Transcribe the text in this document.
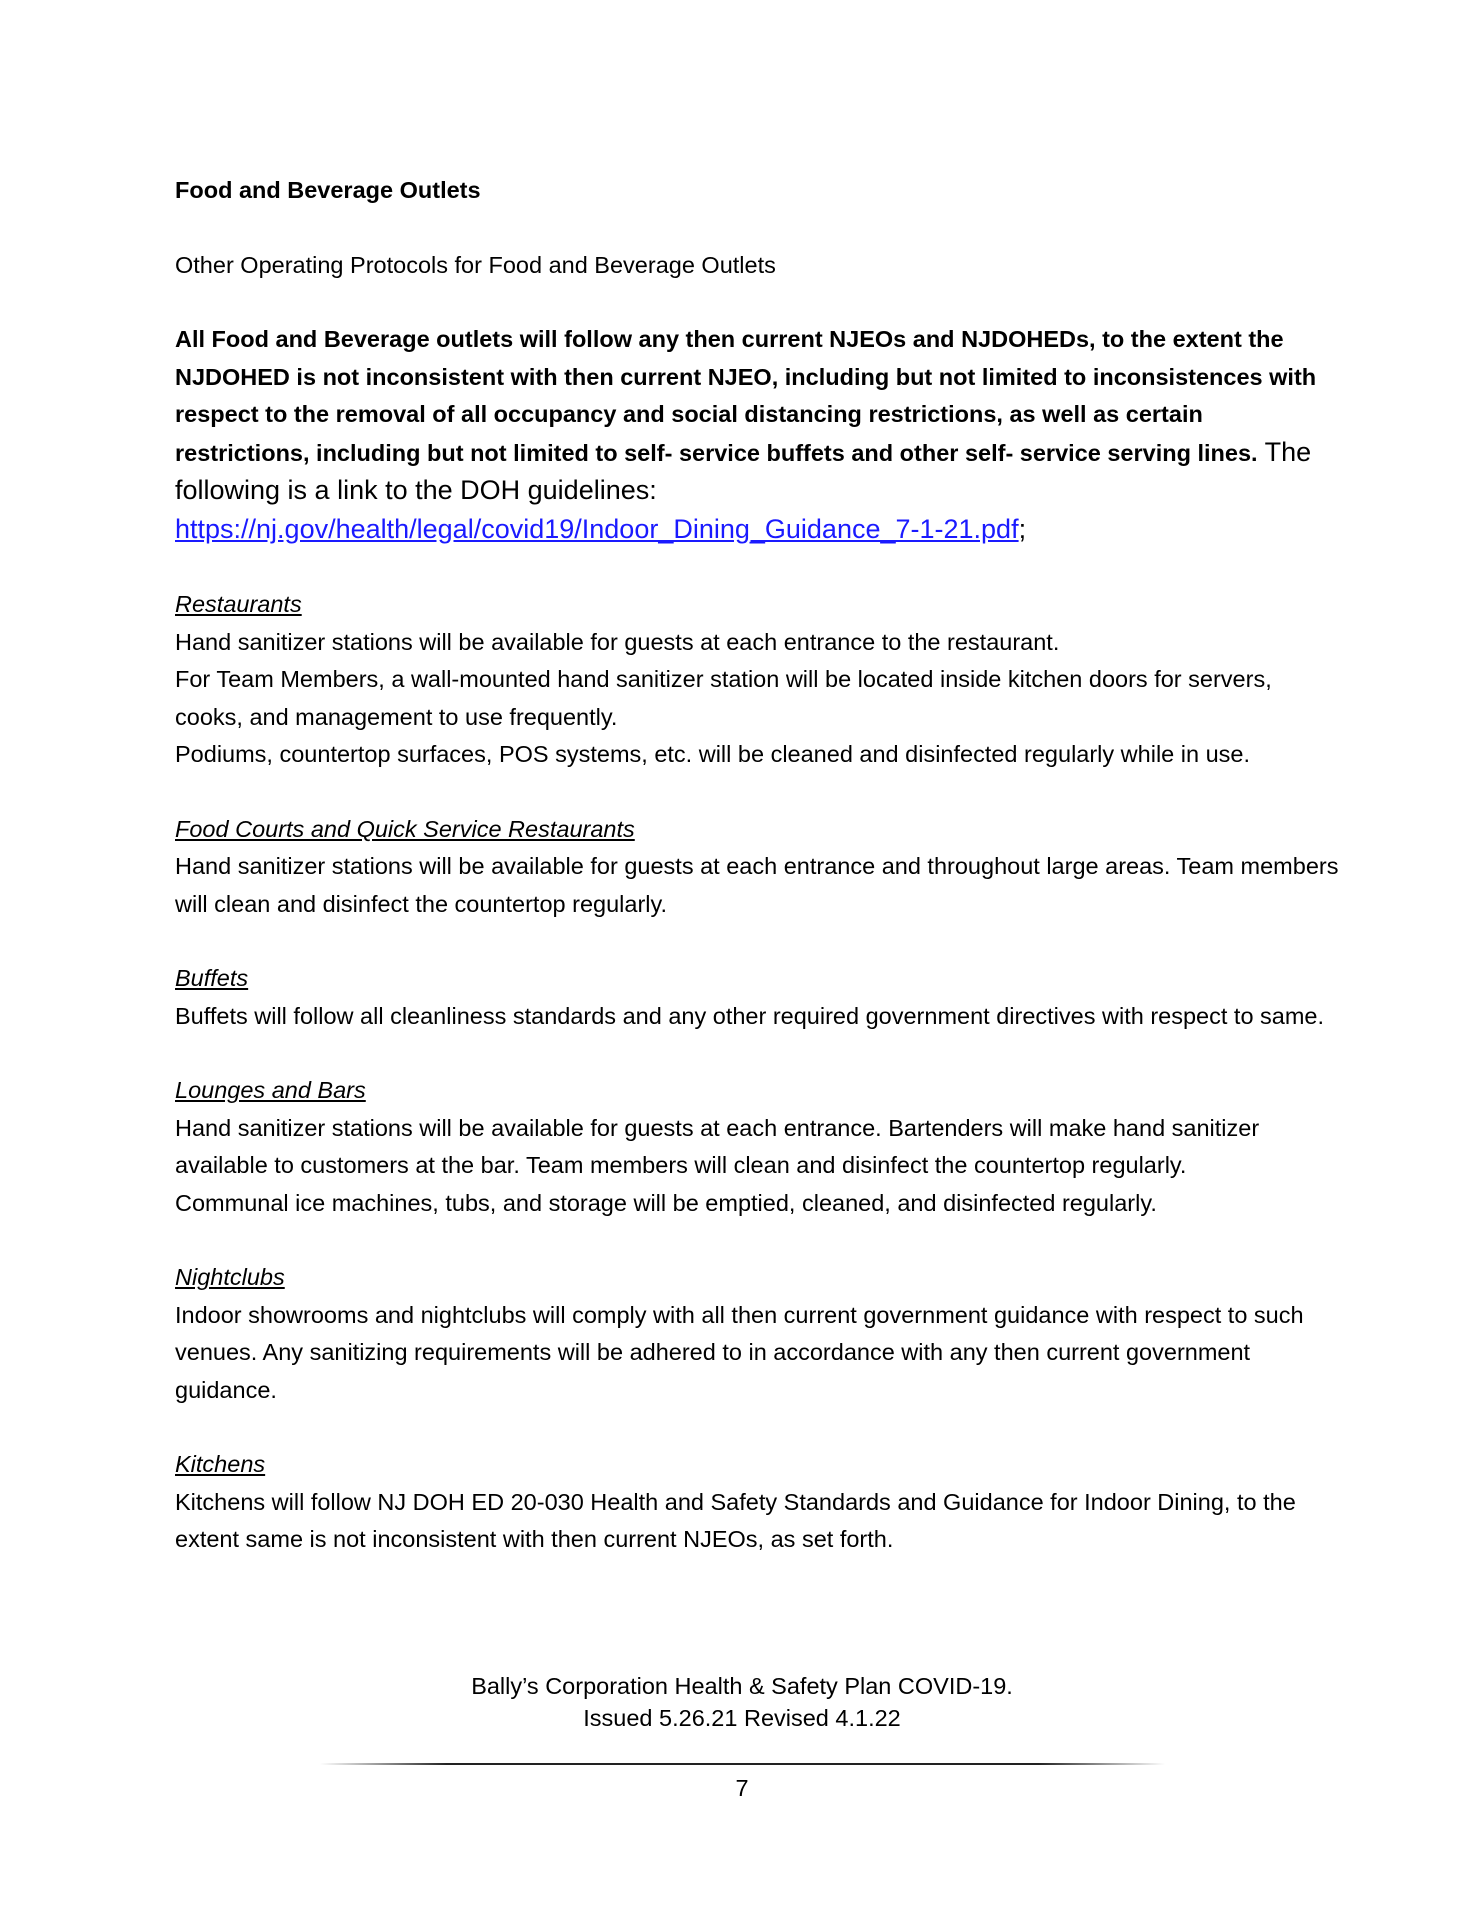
Food and Beverage Outlets

Other Operating Protocols for Food and Beverage Outlets

All Food and Beverage outlets will follow any then current NJEOs and NJDOHEDs, to the extent the NJDOHED is not inconsistent with then current NJEO, including but not limited to inconsistences with respect to the removal of all occupancy and social distancing restrictions, as well as certain restrictions, including but not limited to self- service buffets and other self- service serving lines. The following is a link to the DOH guidelines:
https://nj.gov/health/legal/covid19/Indoor_Dining_Guidance_7-1-21.pdf;

Restaurants

Hand sanitizer stations will be available for guests at each entrance to the restaurant.

For Team Members, a wall-mounted hand sanitizer station will be located inside kitchen doors for servers, cooks, and management to use frequently.

Podiums, countertop surfaces, POS systems, etc. will be cleaned and disinfected regularly while in use.

Food Courts and Quick Service Restaurants

Hand sanitizer stations will be available for guests at each entrance and throughout large areas. Team members will clean and disinfect the countertop regularly.

Buffets

Buffets will follow all cleanliness standards and any other required government directives with respect to same.

Lounges and Bars

Hand sanitizer stations will be available for guests at each entrance. Bartenders will make hand sanitizer available to customers at the bar. Team members will clean and disinfect the countertop regularly.

Communal ice machines, tubs, and storage will be emptied, cleaned, and disinfected regularly.

Nightclubs

Indoor showrooms and nightclubs will comply with all then current government guidance with respect to such venues. Any sanitizing requirements will be adhered to in accordance with any then current government guidance.

Kitchens

Kitchens will follow NJ DOH ED 20-030 Health and Safety Standards and Guidance for Indoor Dining, to the extent same is not inconsistent with then current NJEOs, as set forth.

Bally’s Corporation Health & Safety Plan COVID-19.
Issued 5.26.21 Revised 4.1.22
7
